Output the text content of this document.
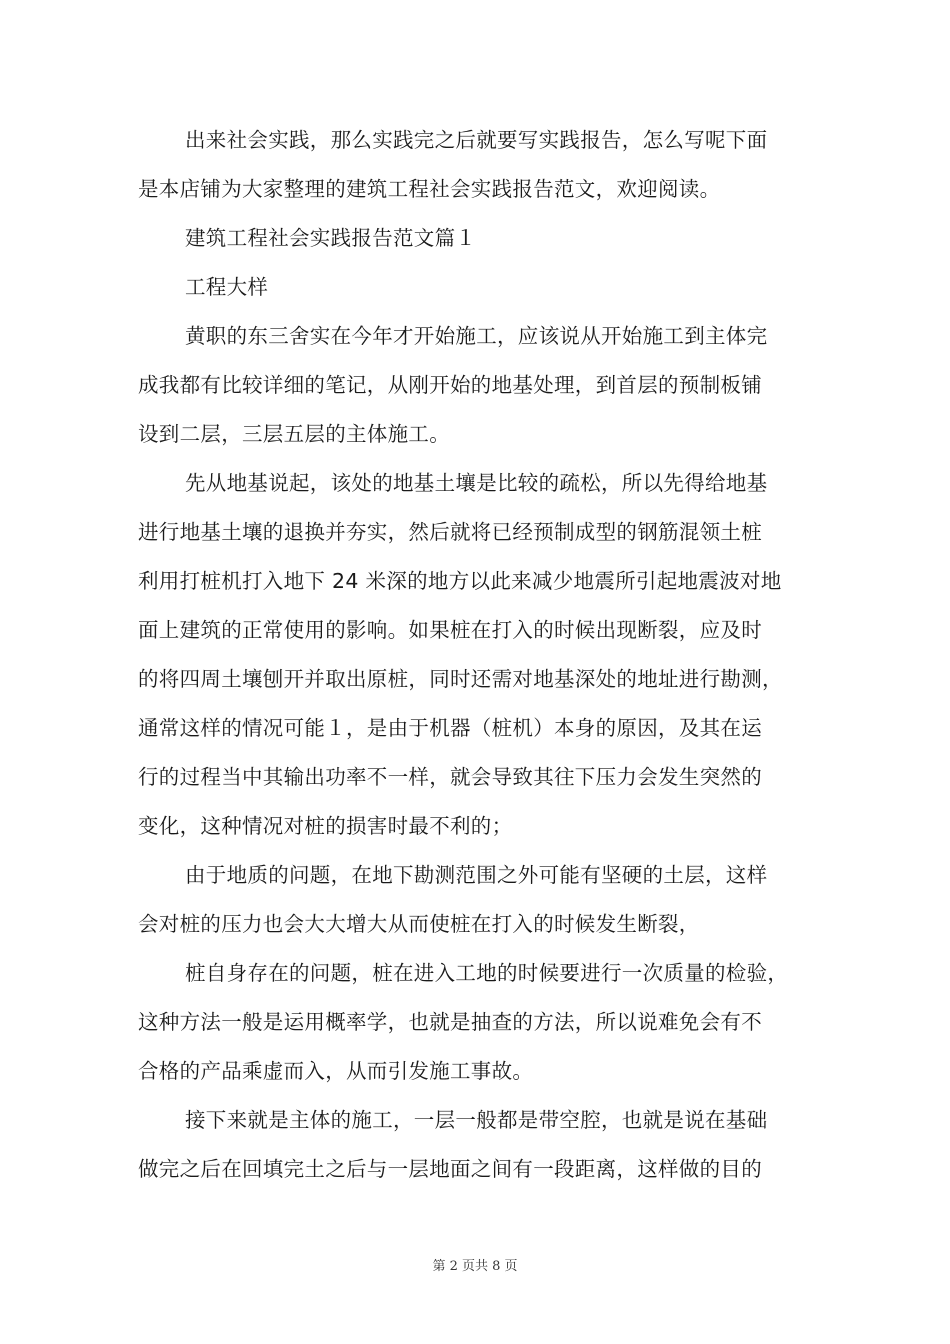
出来社会实践，那么实践完之后就要写实践报告，怎么写呢下面
是本店铺为大家整理的建筑工程社会实践报告范文，欢迎阅读。
建筑工程社会实践报告范文篇１
工程大样
黄职的东三舍实在今年才开始施工，应该说从开始施工到主体完
成我都有比较详细的笔记，从刚开始的地基处理，到首层的预制板铺
设到二层，三层五层的主体施工。
先从地基说起，该处的地基土壤是比较的疏松，所以先得给地基
进行地基土壤的退换并夯实，然后就将已经预制成型的钢筋混领土桩
利用打桩机打入地下 24 米深的地方以此来减少地震所引起地震波对地
面上建筑的正常使用的影响。如果桩在打入的时候出现断裂，应及时
的将四周土壤刨开并取出原桩，同时还需对地基深处的地址进行勘测，
通常这样的情况可能１，是由于机器（桩机）本身的原因，及其在运
行的过程当中其输出功率不一样，就会导致其往下压力会发生突然的
变化，这种情况对桩的损害时最不利的；
由于地质的问题，在地下勘测范围之外可能有坚硬的土层，这样
会对桩的压力也会大大增大从而使桩在打入的时候发生断裂，
桩自身存在的问题，桩在进入工地的时候要进行一次质量的检验，
这种方法一般是运用概率学，也就是抽查的方法，所以说难免会有不
合格的产品乘虚而入，从而引发施工事故。
接下来就是主体的施工，一层一般都是带空腔，也就是说在基础
做完之后在回填完土之后与一层地面之间有一段距离，这样做的目的
第 2 页共 8 页
